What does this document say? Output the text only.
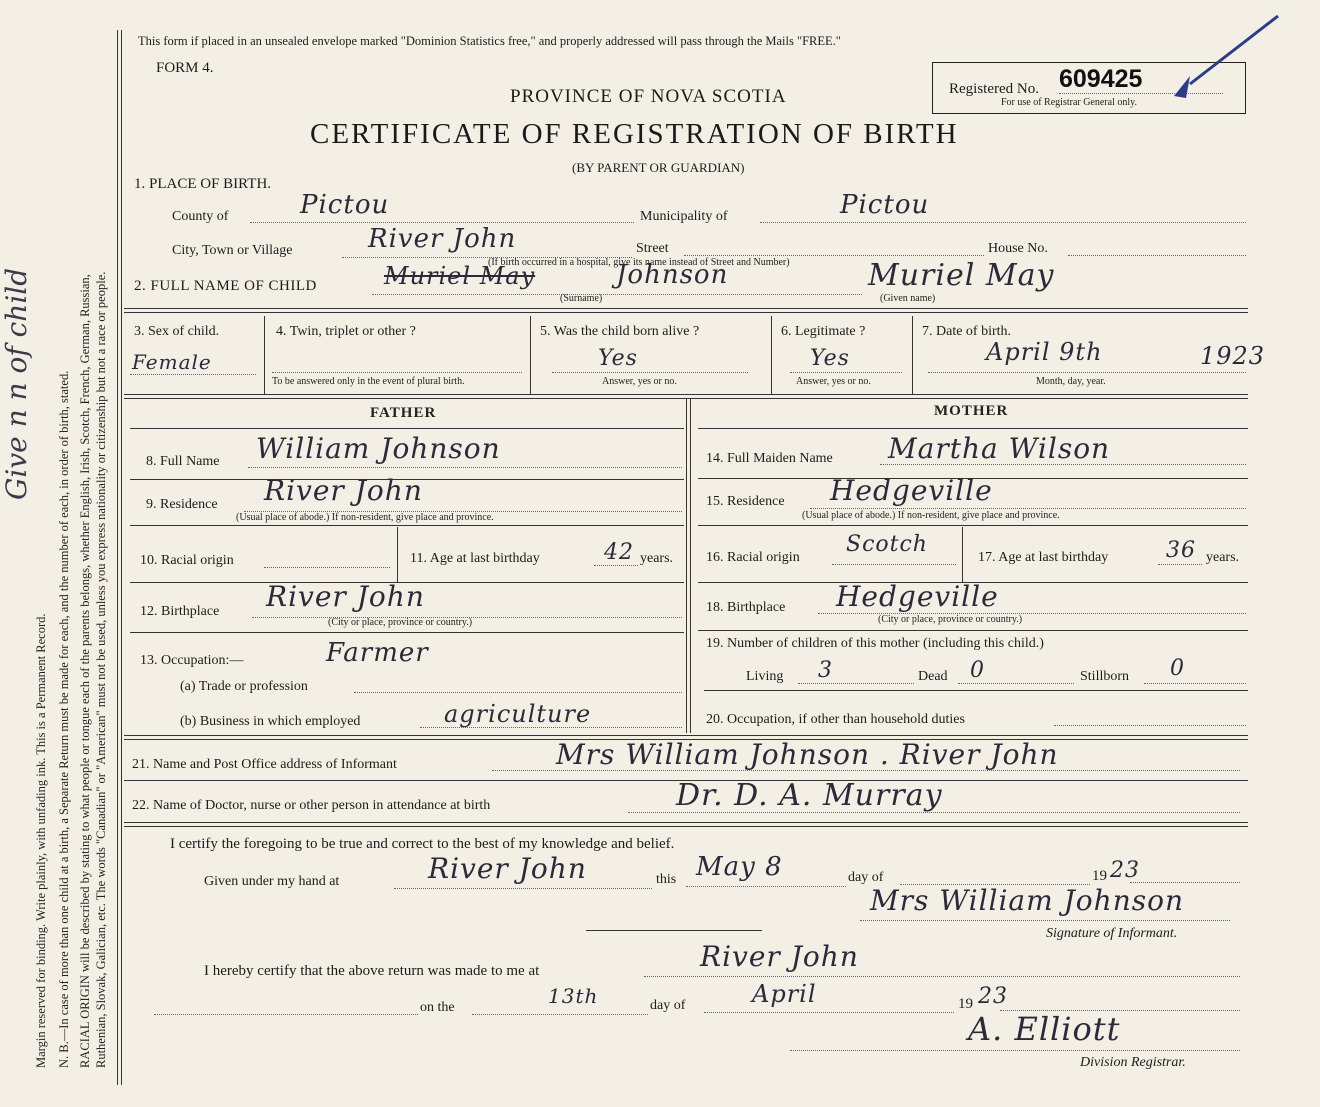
Margin reserved for binding. Write plainly, with unfading ink. This is a Permanent Record. N. B.—In case of more than one child at a birth, a Separate Return must be made for each, and the number of each, in order of birth, stated. RACIAL ORIGIN will be described by stating to what people or tongue each of the parents belongs, whether English, Irish, Scotch, French, German, Russian, Ruthenian, Slovak, Galician, etc. The words "Canadian" or "American" must not be used, unless you express nationality or citizenship but not a race or people.
Give n n of child
This form if placed in an unsealed envelope marked "Dominion Statistics free," and properly addressed will pass through the Mails "FREE."
FORM 4.
PROVINCE OF NOVA SCOTIA
CERTIFICATE OF REGISTRATION OF BIRTH
(BY PARENT OR GUARDIAN)
Registered No. 609425
For use of Registrar General only.
1. PLACE OF BIRTH.
County of	Pictou	Municipality of	Pictou
City, Town or Village	River John	Street
(If birth occurred in a hospital, give its name instead of Street and Number)
House No.
2. FULL NAME OF CHILD	Muriel May	Johnson
(Surname)
Muriel May
(Given name)
3. Sex of child.
Female
4. Twin, triplet or other ?
To be answered only in the event of plural birth.
5. Was the child born alive ?
Yes
Answer, yes or no.
6. Legitimate ?
Yes
Answer, yes or no.
7. Date of birth.
April 9th	1923
Month, day, year.
FATHER	MOTHER
8. Full Name William Johnson
9. Residence River John
(Usual place of abode.) If non-resident, give place and province.
10. Racial origin	11. Age at last birthday	42 years.
12. Birthplace River John
(City or place, province or country.)
13. Occupation:—	Farmer
(a) Trade or profession
(b) Business in which employed	agriculture
14. Full Maiden Name Martha Wilson
15. Residence Hedgeville
(Usual place of abode.) If non-resident, give place and province.
16. Racial origin
Scotch
17. Age at last birthday	36 years.
18. Birthplace Hedgeville
(City or place, province or country.)
19. Number of children of this mother (including this child.)
Living 3	Dead 0	Stillborn 0
20. Occupation, if other than household duties
21. Name and Post Office address of Informant	Mrs William Johnson . River John
22. Name of Doctor, nurse or other person in attendance at birth	Dr. D. A. Murray
I certify the foregoing to be true and correct to the best of my knowledge and belief.
Given under my hand at	River John	this May 8	day of	19 23
Mrs William Johnson
Signature of Informant.
I hereby certify that the above return was made to me at	River John
on the	13th	day of	April	19 23
A. Elliott
Division Registrar.
